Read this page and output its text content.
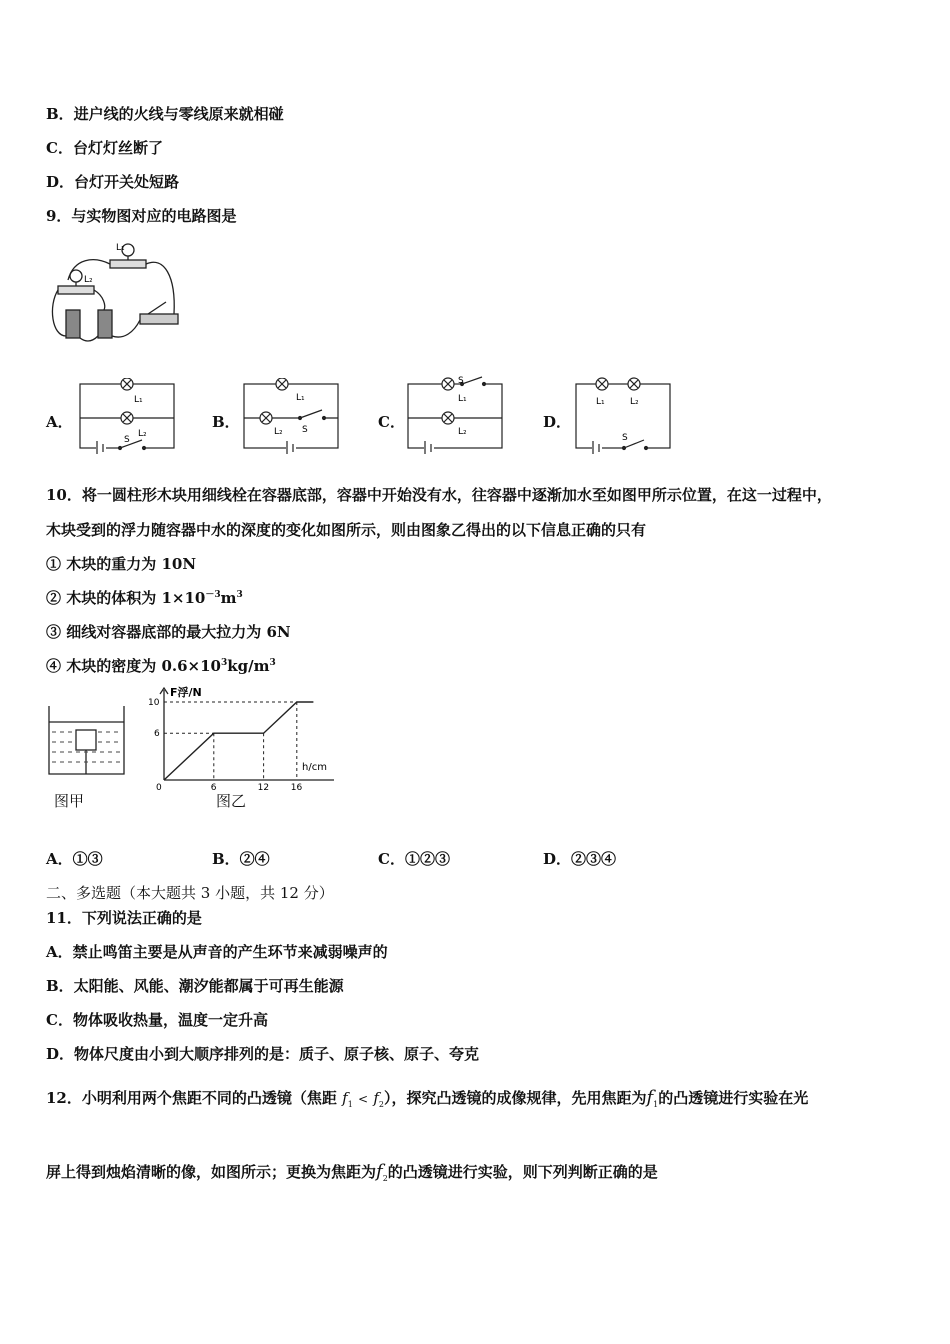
B．进户线的火线与零线原来就相碰
C．台灯灯丝断了
D．台灯开关处短路
9．与实物图对应的电路图是
L₁
L₂
A．	B．	C．	D．
L₁
S
L₂
L₁
L₂ S
S
L₁
L₂
L₁	L₂
S
10．将一圆柱形木块用细线栓在容器底部，容器中开始没有水，往容器中逐渐加水至如图甲所示位置，在这一过程中，
木块受到的浮力随容器中水的深度的变化如图所示，则由图象乙得出的以下信息正确的只有
① 木块的重力为 10N
② 木块的体积为 $1\times 10^{-3}m^3$
③ 细线对容器底部的最大拉力为 6N
④ 木块的密度为 $0.6\times 10^3kg/m^3$
图甲
F浮/N
h/cm
0	6	12 16
6
10
图乙
A．①③	B．②④	C．①②③	D．②③④
二、多选题（本大题共 3 小题，共 12 分）
11．下列说法正确的是
A．禁止鸣笛主要是从声音的产生环节来减弱噪声的
B．太阳能、风能、潮汐能都属于可再生能源
C．物体吸收热量，温度一定升高
D．物体尺度由小到大顺序排列的是：质子、原子核、原子、夸克
12．小明利用两个焦距不同的凸透镜（焦距 $f_1 < f_2$），探究凸透镜的成像规律，先用焦距为$f_1$的凸透镜进行实验在光
屏上得到烛焰清晰的像，如图所示；更换为焦距为$f_2$的凸透镜进行实验，则下列判断正确的是
